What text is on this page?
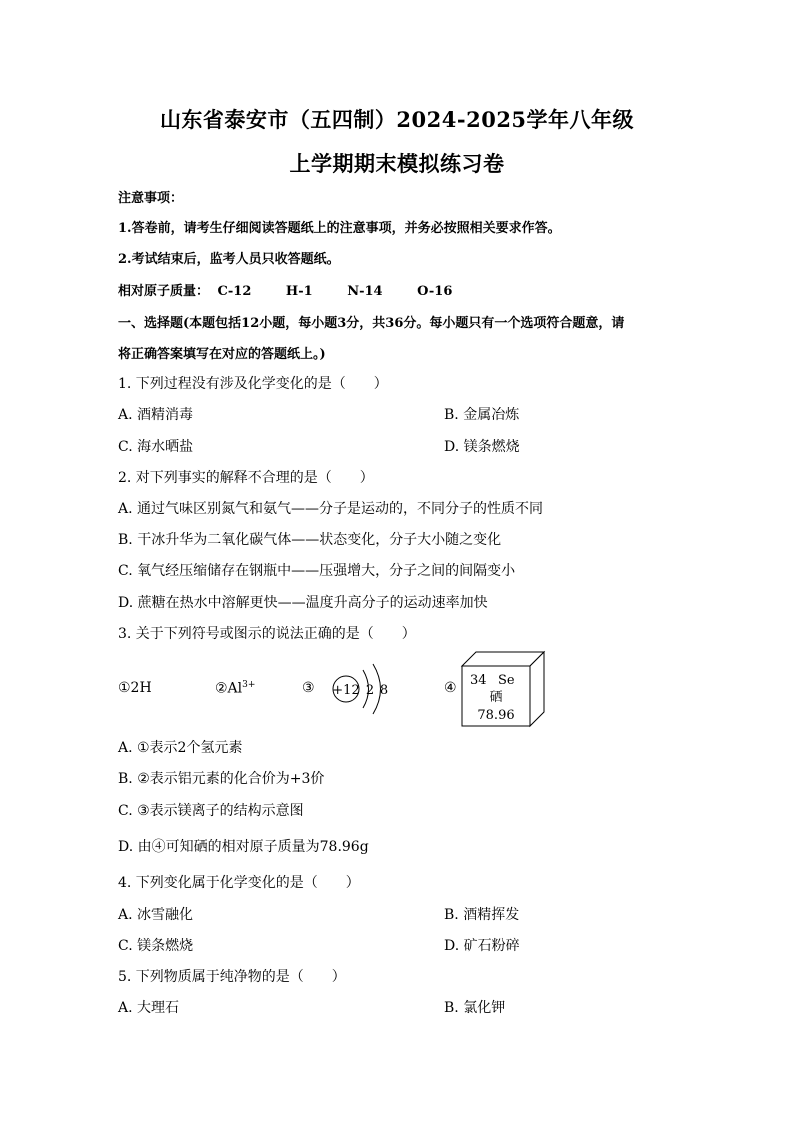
山东省泰安市（五四制）2024-2025学年八年级
上学期期末模拟练习卷
注意事项：
1.答卷前，请考生仔细阅读答题纸上的注意事项，并务必按照相关要求作答。
2.考试结束后，监考人员只收答题纸。
相对原子质量： C-12	H-1	N-14	O-16
一、选择题(本题包括12小题，每小题3分，共36分。每小题只有一个选项符合题意，请
将正确答案填写在对应的答题纸上。)
1. 下列过程没有涉及化学变化的是（　　）
A. 酒精消毒	B. 金属冶炼
C. 海水晒盐	D. 镁条燃烧
2. 对下列事实的解释不合理的是（　　）
A. 通过气味区别氮气和氨气——分子是运动的，不同分子的性质不同
B. 干冰升华为二氧化碳气体——状态变化，分子大小随之变化
C. 氧气经压缩储存在钢瓶中——压强增大，分子之间的间隔变小
D. 蔗糖在热水中溶解更快——温度升高分子的运动速率加快
3. 关于下列符号或图示的说法正确的是（　　）
①2H	$②Al^{3+}$	③ +12 2 8	④ 34 Se
硒
78.96
A. ①表示2个氢元素
B. ②表示铝元素的化合价为+3价
C. ③表示镁离子的结构示意图
D. 由④可知硒的相对原子质量为78.96g
4. 下列变化属于化学变化的是（　　）
A. 冰雪融化	B. 酒精挥发
C. 镁条燃烧	D. 矿石粉碎
5. 下列物质属于纯净物的是（　　）
A. 大理石	B. 氯化钾
